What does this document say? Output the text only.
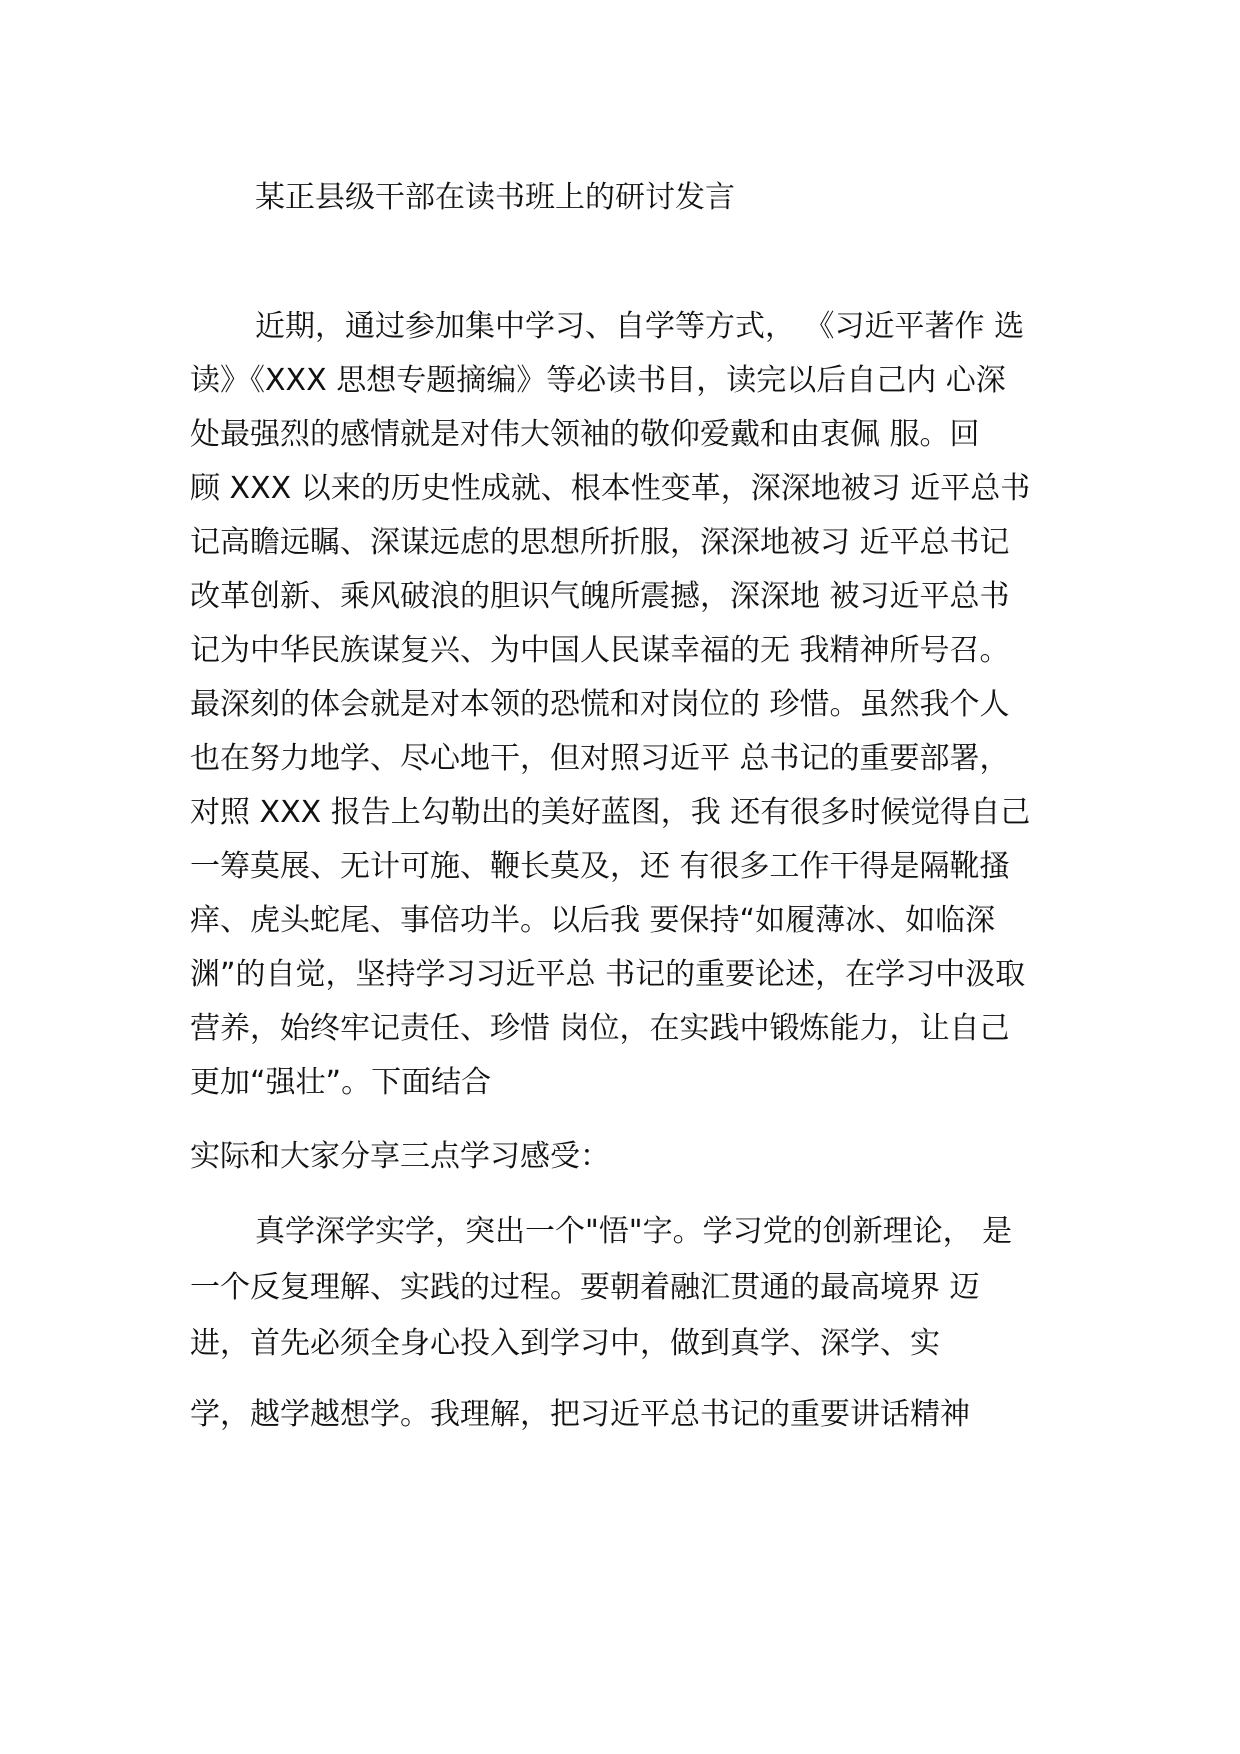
某正县级干部在读书班上的研讨发言
近期，通过参加集中学习、自学等方式， 《习近平著作 选
读》《XXX 思想专题摘编》等必读书目，读完以后自己内 心深
处最强烈的感情就是对伟大领袖的敬仰爱戴和由衷佩 服。回
顾 XXX 以来的历史性成就、根本性变革，深深地被习 近平总书
记高瞻远瞩、深谋远虑的思想所折服，深深地被习 近平总书记
改革创新、乘风破浪的胆识气魄所震撼，深深地 被习近平总书
记为中华民族谋复兴、为中国人民谋幸福的无 我精神所号召。
最深刻的体会就是对本领的恐慌和对岗位的 珍惜。虽然我个人
也在努力地学、尽心地干，但对照习近平 总书记的重要部署，
对照 XXX 报告上勾勒出的美好蓝图，我 还有很多时候觉得自己
一筹莫展、无计可施、鞭长莫及，还 有很多工作干得是隔靴搔
痒、虎头蛇尾、事倍功半。以后我 要保持“如履薄冰、如临深
渊”的自觉，坚持学习习近平总 书记的重要论述，在学习中汲取
营养，始终牢记责任、珍惜 岗位，在实践中锻炼能力，让自己
更加“强壮”。下面结合
实际和大家分享三点学习感受：
真学深学实学，突出一个"悟"字。学习党的创新理论， 是
一个反复理解、实践的过程。要朝着融汇贯通的最高境界 迈
进，首先必须全身心投入到学习中，做到真学、深学、实
学，越学越想学。我理解，把习近平总书记的重要讲话精神
